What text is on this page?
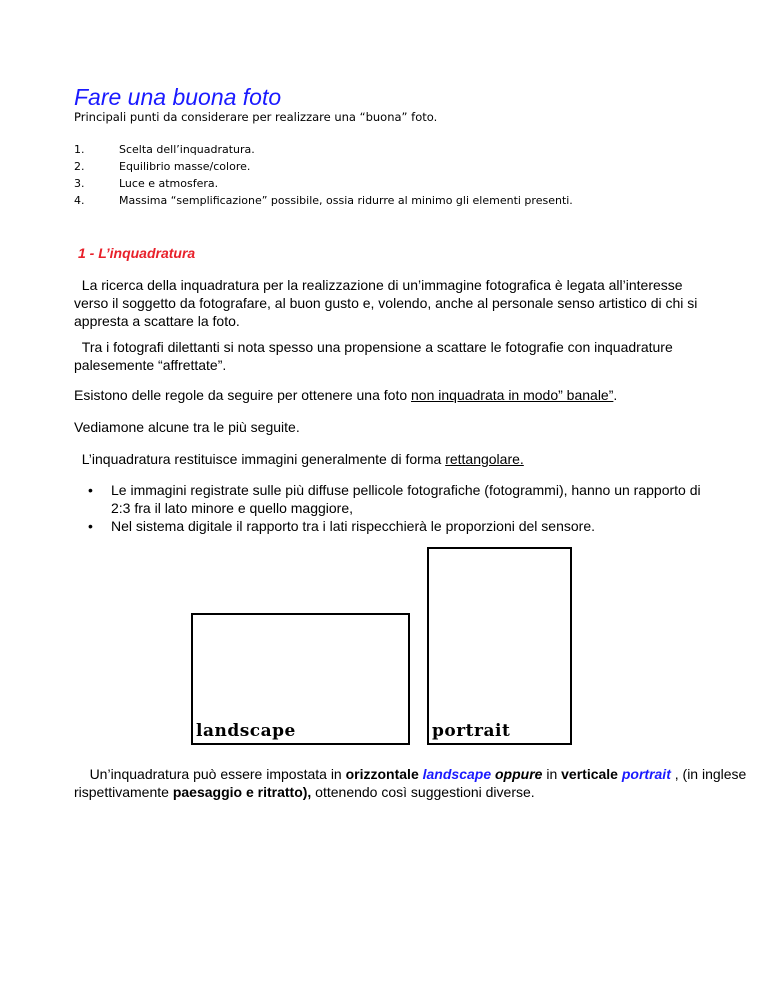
Fare una buona foto
Principali punti da considerare per realizzare una “buona” foto.
1.	Scelta dell’inquadratura.
2.	Equilibrio masse/colore.
3.	Luce e atmosfera.
4.	Massima “semplificazione” possibile, ossia ridurre al minimo gli elementi presenti.
1 - L’inquadratura
La ricerca della inquadratura per la realizzazione di un’immagine fotografica è legata all’interesse verso il soggetto da fotografare, al buon gusto e, volendo, anche al personale senso artistico di chi si appresta a scattare la foto.
Tra i fotografi dilettanti si nota spesso una propensione a scattare le fotografie con inquadrature palesemente “affrettate”.
Esistono delle regole da seguire per ottenere una foto non inquadrata in modo” banale”.
Vediamone alcune tra le più seguite.
L’inquadratura restituisce immagini generalmente di forma rettangolare.
• Le immagini registrate sulle più diffuse pellicole fotografiche (fotogrammi), hanno un rapporto di 2:3 fra il lato minore e quello maggiore,
• Nel sistema digitale il rapporto tra i lati rispecchierà le proporzioni del sensore.
landscape	portrait
Un’inquadratura può essere impostata in orizzontale landscape oppure in verticale portrait , (in inglese rispettivamente paesaggio e ritratto), ottenendo così suggestioni diverse.
